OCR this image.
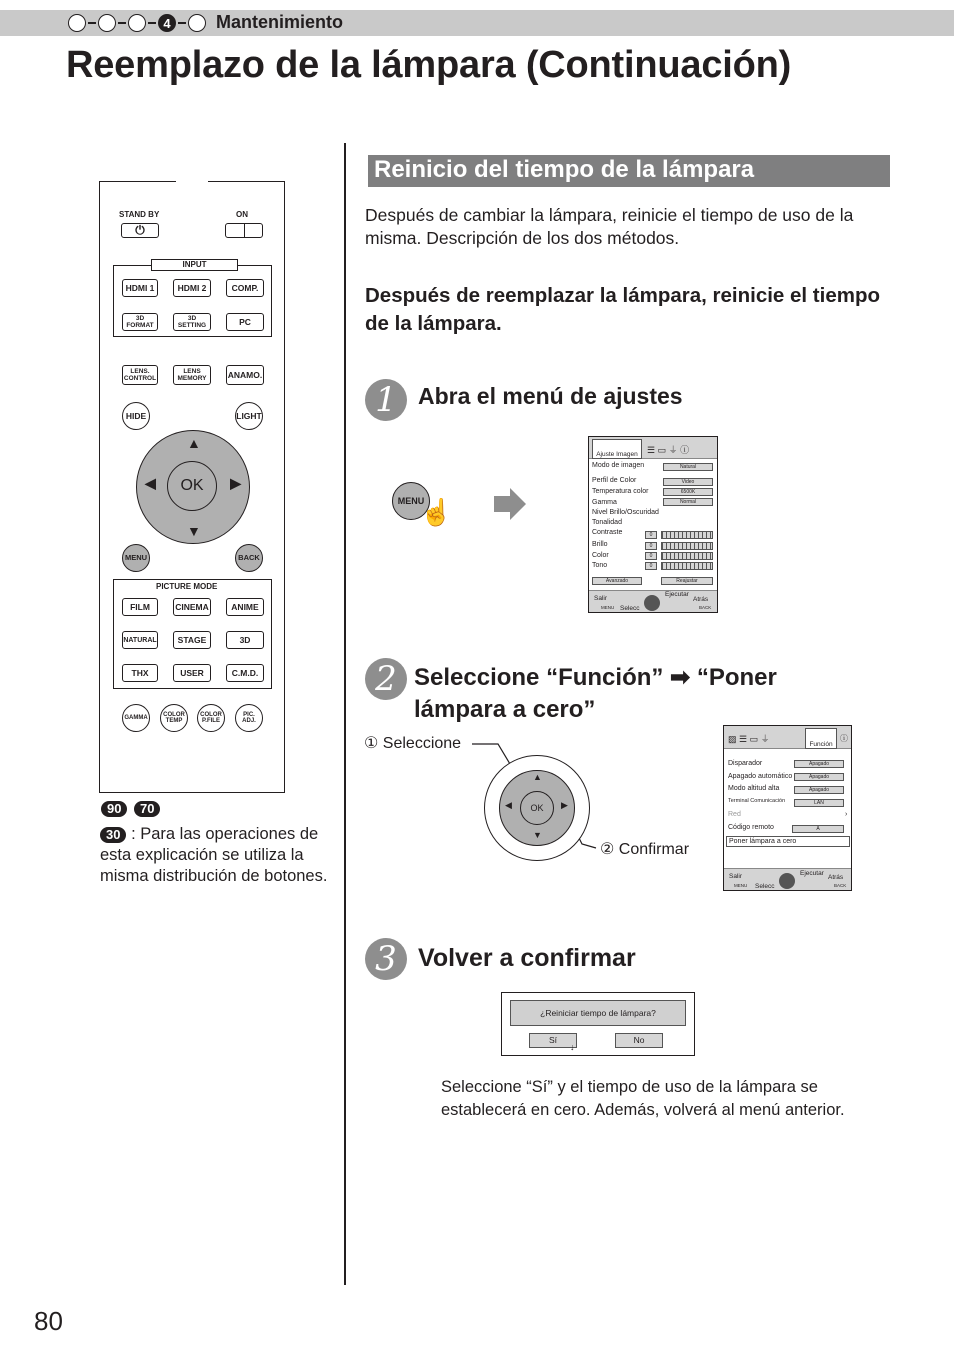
4	Mantenimiento
Reemplazo de la lámpara (Continuación)
STAND BY	ON
⏻
INPUT
HDMI 1	HDMI 2	COMP.
3D FORMAT
3D SETTING	PC
LENS. CONTROL
LENS MEMORY	ANAMO.
HIDE	LIGHT
▲
▼
◀	▶
OK
MENU	BACK
PICTURE MODE
FILM	CINEMA	ANIME
NATURAL	STAGE	3D
THX	USER	C.M.D.
GAMMA	COLOR TEMP
COLOR P.FILE
PIC. ADJ.
90	70
30 : Para las operaciones de esta explicación se utiliza la misma distribución de botones.
Reinicio del tiempo de la lámpara
Después de cambiar la lámpara, reinicie el tiempo de uso de la misma. Descripción de los dos métodos.
Después de reemplazar la lámpara, reinicie el tiempo de la lámpara.
1 Abra el menú de ajustes
MENU
☝
Ajuste Imagen	☰ ▭ ⏚ ⓘ
Modo de imagen	Natural
Perfil de Color	Video
Temperatura color	6500K
Gamma	Normal
Nivel Brillo/Oscuridad
Tonalidad
Contraste	0
Brillo	0
Color	0
Tono	0
Avanzado	Reajustar
Salir
MENU Selecc
Ejecutar
Atrás
BACK
2 Seleccione “Función” ➡ “Poner lámpara a cero”
① Seleccione
OK
▲
▼
◀	▶
② Confirmar
▨ ☰ ▭ ⏚
Función
ⓘ
Disparador	Apagado
Apagado automático	Apagado
Modo altitud alta	Apagado
Terminal Comunicación	LAN
Red	›
Código remoto	A
Poner lámpara a cero
Salir
MENU Selecc
Ejecutar
Atrás
BACK
3 Volver a confirmar
¿Reiniciar tiempo de lámpara?
Sí	No
↓
Seleccione “Sí” y el tiempo de uso de la lámpara se establecerá en cero. Además, volverá al menú anterior.
80
